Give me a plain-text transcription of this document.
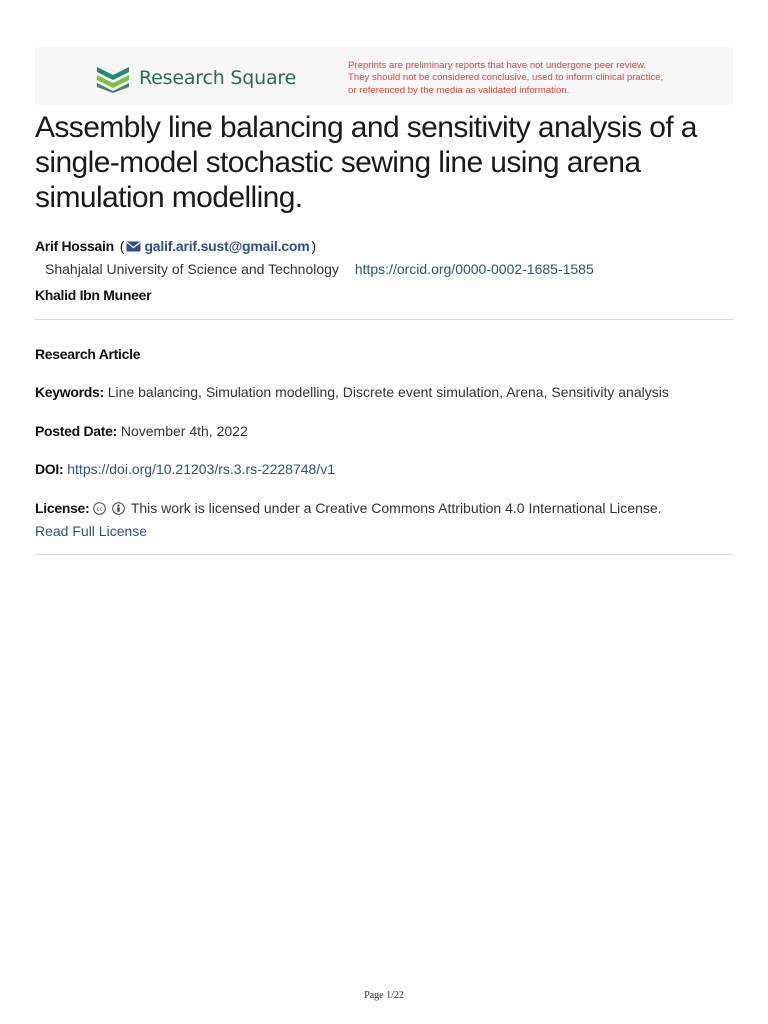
Research Square
Preprints are preliminary reports that have not undergone peer review.
They should not be considered conclusive, used to inform clinical practice,
or referenced by the media as validated information.
Assembly line balancing and sensitivity analysis of a single-model stochastic sewing line using arena simulation modelling.
Arif Hossain ( galif.arif.sust@gmail.com )
Shahjalal University of Science and Technology https://orcid.org/0000-0002-1685-1585
Khalid Ibn Muneer
Research Article
Keywords: Line balancing, Simulation modelling, Discrete event simulation, Arena, Sensitivity analysis
Posted Date: November 4th, 2022
DOI: https://doi.org/10.21203/rs.3.rs-2228748/v1
License: cc
This work is licensed under a Creative Commons Attribution 4.0 International License.
Read Full License
Page 1/22
